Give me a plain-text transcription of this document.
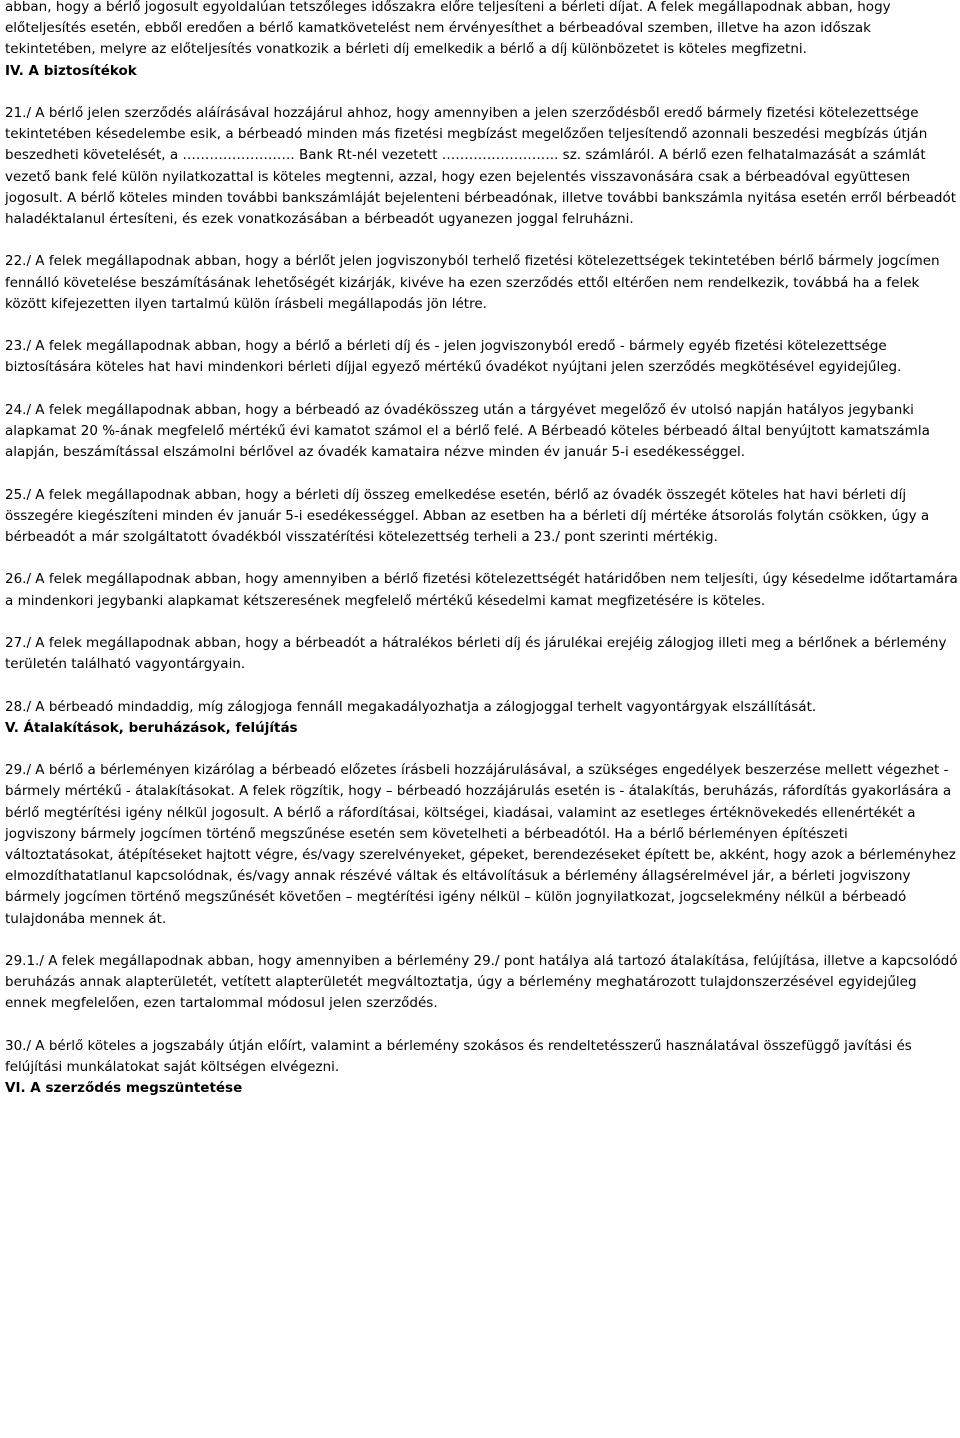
abban, hogy a bérlő jogosult egyoldalúan tetszőleges időszakra előre teljesíteni a bérleti díjat. A felek megállapodnak abban, hogy előteljesítés esetén, ebből eredően a bérlő kamatkövetelést nem érvényesíthet a bérbeadóval szemben, illetve ha azon időszak tekintetében, melyre az előteljesítés vonatkozik a bérleti díj emelkedik a bérlő a díj különbözetet is köteles megfizetni.

IV. A biztosítékok

21./ A bérlő jelen szerződés aláírásával hozzájárul ahhoz, hogy amennyiben a jelen szerződésből eredő bármely fizetési kötelezettsége tekintetében késedelembe esik, a bérbeadó minden más fizetési megbízást megelőzően teljesítendő azonnali beszedési megbízás útján beszedheti követelését, a ……………………. Bank Rt-nél vezetett …………………….. sz. számláról. A bérlő ezen felhatalmazását a számlát vezető bank felé külön nyilatkozattal is köteles megtenni, azzal, hogy ezen bejelentés visszavonására csak a bérbeadóval együttesen jogosult. A bérlő köteles minden további bankszámláját bejelenteni bérbeadónak, illetve további bankszámla nyitása esetén erről bérbeadót haladéktalanul értesíteni, és ezek vonatkozásában a bérbeadót ugyanezen joggal felruházni.

22./ A felek megállapodnak abban, hogy a bérlőt jelen jogviszonyból terhelő fizetési kötelezettségek tekintetében bérlő bármely jogcímen fennálló követelése beszámításának lehetőségét kizárják, kivéve ha ezen szerződés ettől eltérően nem rendelkezik, továbbá ha a felek között kifejezetten ilyen tartalmú külön írásbeli megállapodás jön létre.

23./ A felek megállapodnak abban, hogy a bérlő a bérleti díj és - jelen jogviszonyból eredő - bármely egyéb fizetési kötelezettsége biztosítására köteles hat havi mindenkori bérleti díjjal egyező mértékű óvadékot nyújtani jelen szerződés megkötésével egyidejűleg.

24./ A felek megállapodnak abban, hogy a bérbeadó az óvadékösszeg után a tárgyévet megelőző év utolsó napján hatályos jegybanki alapkamat 20 %-ának megfelelő mértékű évi kamatot számol el a bérlő felé. A Bérbeadó köteles bérbeadó által benyújtott kamatszámla alapján, beszámítással elszámolni bérlővel az óvadék kamataira nézve minden év január 5-i esedékességgel.

25./ A felek megállapodnak abban, hogy a bérleti díj összeg emelkedése esetén, bérlő az óvadék összegét köteles hat havi bérleti díj összegére kiegészíteni minden év január 5-i esedékességgel. Abban az esetben ha a bérleti díj mértéke átsorolás folytán csökken, úgy a bérbeadót a már szolgáltatott óvadékból visszatérítési kötelezettség terheli a 23./ pont szerinti mértékig.

26./ A felek megállapodnak abban, hogy amennyiben a bérlő fizetési kötelezettségét határidőben nem teljesíti, úgy késedelme időtartamára a mindenkori jegybanki alapkamat kétszeresének megfelelő mértékű késedelmi kamat megfizetésére is köteles.

27./ A felek megállapodnak abban, hogy a bérbeadót a hátralékos bérleti díj és járulékai erejéig zálogjog illeti meg a bérlőnek a bérlemény területén található vagyontárgyain.

28./ A bérbeadó mindaddig, míg zálogjoga fennáll megakadályozhatja a zálogjoggal terhelt vagyontárgyak elszállítását.

V. Átalakítások, beruházások, felújítás

29./ A bérlő a bérleményen kizárólag a bérbeadó előzetes írásbeli hozzájárulásával, a szükséges engedélyek beszerzése mellett végezhet - bármely mértékű - átalakításokat. A felek rögzítik, hogy – bérbeadó hozzájárulás esetén is - átalakítás, beruházás, ráfordítás gyakorlására a bérlő megtérítési igény nélkül jogosult. A bérlő a ráfordításai, költségei, kiadásai, valamint az esetleges értéknövekedés ellenértékét a jogviszony bármely jogcímen történő megszűnése esetén sem követelheti a bérbeadótól. Ha a bérlő bérleményen építészeti változtatásokat, átépítéseket hajtott végre, és/vagy szerelvényeket, gépeket, berendezéseket épített be, akként, hogy azok a bérleményhez elmozdíthatatlanul kapcsolódnak, és/vagy annak részévé váltak és eltávolításuk a bérlemény állagsérelmével jár, a bérleti jogviszony bármely jogcímen történő megszűnését követően – megtérítési igény nélkül – külön jognyilatkozat, jogcselekmény nélkül a bérbeadó tulajdonába mennek át.

29.1./ A felek megállapodnak abban, hogy amennyiben a bérlemény 29./ pont hatálya alá tartozó átalakítása, felújítása, illetve a kapcsolódó beruházás annak alapterületét, vetített alapterületét megváltoztatja, úgy a bérlemény meghatározott tulajdonszerzésével egyidejűleg ennek megfelelően, ezen tartalommal módosul jelen szerződés.

30./ A bérlő köteles a jogszabály útján előírt, valamint a bérlemény szokásos és rendeltetésszerű használatával összefüggő javítási és felújítási munkálatokat saját költségen elvégezni.

VI. A szerződés megszüntetése
